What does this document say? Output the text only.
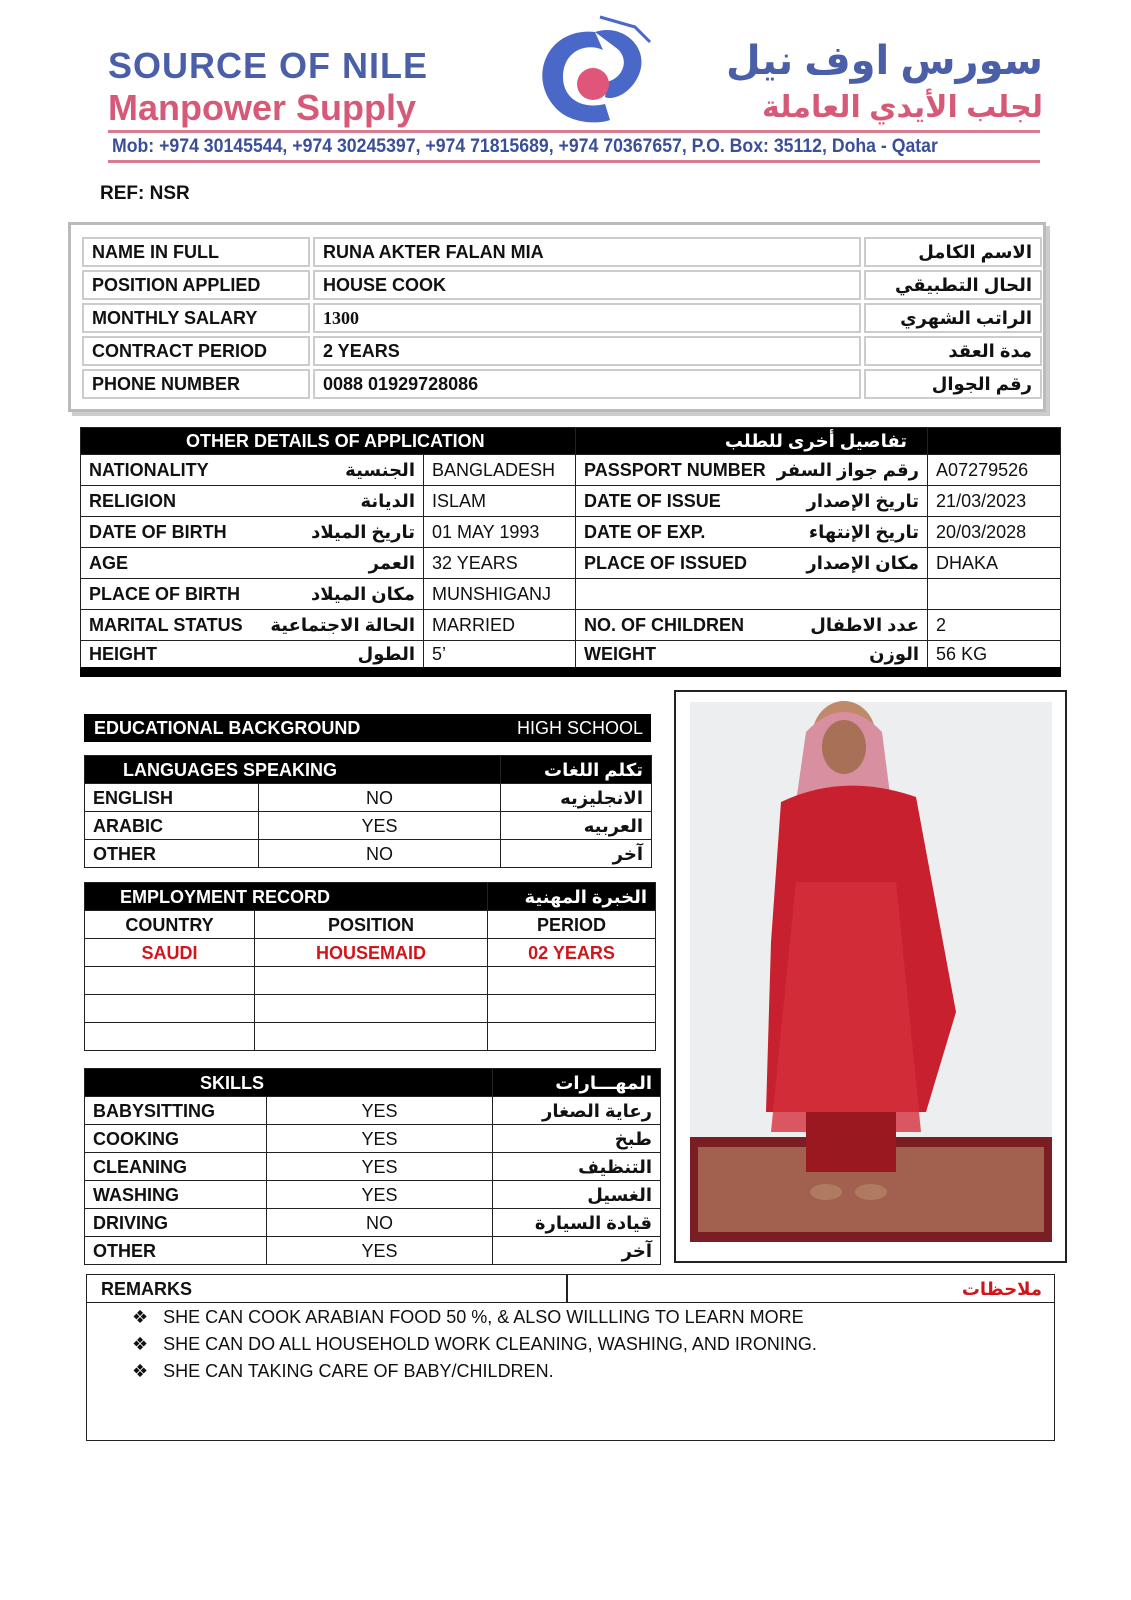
SOURCE OF NILE
Manpower Supply
سورس اوف نيل
لجلب الأيدي العاملة
Mob: +974 30145544, +974 30245397, +974 71815689, +974 70367657, P.O. Box: 35112, Doha - Qatar
REF: NSR
NAME IN FULL	RUNA AKTER FALAN MIA	الاسم الكامل
POSITION APPLIED	HOUSE COOK	الحال التطبيقي
MONTHLY SALARY	1300	الراتب الشهري
CONTRACT PERIOD	2 YEARS	مدة العقد
PHONE NUMBER	0088 01929728086	رقم الجوال
OTHER DETAILS OF APPLICATION			تفاصيل أخرى للطلب		
NATIONALITY	الجنسية	BANGLADESH	PASSPORT NUMBER	رقم جواز السفر	A07279526
RELIGION	الديانة	ISLAM	DATE OF ISSUE	تاريخ الإصدار	21/03/2023
DATE OF BIRTH	تاريخ الميلاد	01 MAY 1993	DATE OF EXP.	تاريخ الإنتهاء	20/03/2028
AGE	العمر	32 YEARS	PLACE OF ISSUED	مكان الإصدار	DHAKA
PLACE OF BIRTH	مكان الميلاد	MUNSHIGANJ			
MARITAL STATUS	الحالة الاجتماعية	MARRIED	NO. OF CHILDREN	عدد الاطفال	2
HEIGHT	الطول	5’	WEIGHT	الوزن	56 KG
EDUCATIONAL BACKGROUND	HIGH SCHOOL
LANGUAGES SPEAKING		تكلم اللغات
ENGLISH	NO	الانجليزيه
ARABIC	YES	العربيه
OTHER	NO	آخر
EMPLOYMENT RECORD		الخبرة المهنية
COUNTRY	POSITION	PERIOD
SAUDI	HOUSEMAID	02 YEARS

SKILLS		المهـــارات
BABYSITTING	YES	رعاية الصغار
COOKING	YES	طبخ
CLEANING	YES	التنظيف
WASHING	YES	الغسيل
DRIVING	NO	قيادة السيارة
OTHER	YES	آخر
REMARKS	ملاحظات
❖ SHE CAN COOK ARABIAN FOOD 50 %, & ALSO WILLLING TO LEARN MORE
❖ SHE CAN DO ALL HOUSEHOLD WORK CLEANING, WASHING, AND IRONING.
❖ SHE CAN TAKING CARE OF BABY/CHILDREN.
